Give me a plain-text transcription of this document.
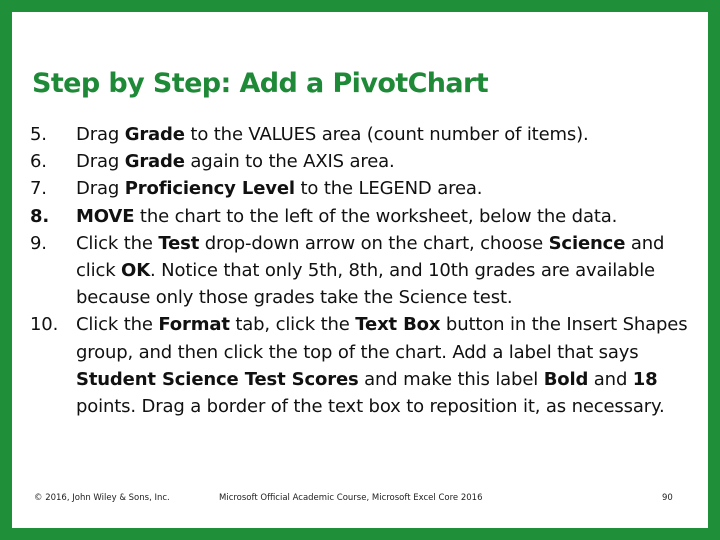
Step by Step: Add a PivotChart
5.	Drag Grade to the VALUES area (count number of items).
6.	Drag Grade again to the AXIS area.
7.	Drag Proficiency Level to the LEGEND area.
8.	MOVE the chart to the left of the worksheet, below the data.
9.	Click the Test drop-down arrow on the chart, choose Science and click OK. Notice that only 5th, 8th, and 10th grades are available because only those grades take the Science test.
10. Click the Format tab, click the Text Box button in the Insert Shapes group, and then click the top of the chart. Add a label that says Student Science Test Scores and make this label Bold and 18 points. Drag a border of the text box to reposition it, as necessary.
© 2016, John Wiley & Sons, Inc.	Microsoft Official Academic Course, Microsoft Excel Core 2016	90
